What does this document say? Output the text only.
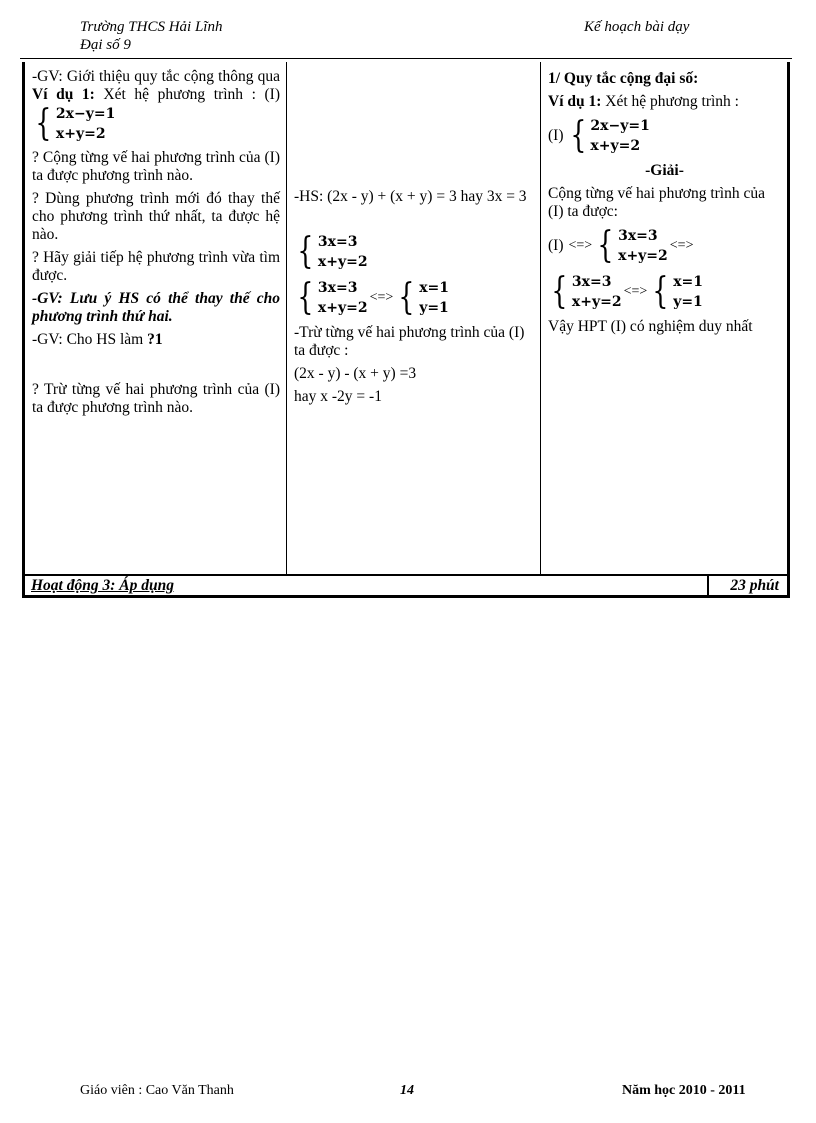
Trường THCS Hải Lĩnh
Đại số 9
Kế hoạch bài dạy
-GV: Giới thiệu quy tắc cộng thông qua Ví dụ 1: Xét hệ phương trình : (I)
{ 2x−y=1
x+y=2
? Cộng từng vế hai phương trình của (I) ta được phương trình nào.
? Dùng phương trình mới đó thay thế cho phương trình thứ nhất, ta được hệ nào.
? Hãy giải tiếp hệ phương trình vừa tìm được.
-GV: Lưu ý HS có thể thay thế cho phương trình thứ hai.
-GV: Cho HS làm ?1
? Trừ từng vế hai phương trình của (I) ta được phương trình nào.
-HS: (2x - y) + (x + y) = 3 hay 3x = 3
{ 3x=3
x+y=2
{ 3x=3
x+y=2
<=> { x=1
y=1
-Trừ từng vế hai phương trình của (I) ta được :
(2x - y) - (x + y) =3
hay x -2y = -1
1/ Quy tắc cộng đại số:
Ví dụ 1: Xét hệ phương trình :
(I) { 2x−y=1
x+y=2
-Giải-
Cộng từng vế hai phương trình của (I) ta được:
(I) <=> { 3x=3
x+y=2
<=>
{ 3x=3
x+y=2
<=> { x=1
y=1
Vậy HPT (I) có nghiệm duy nhất
Hoạt động 3: Áp dụng	23 phút
Giáo viên : Cao Văn Thanh	14	Năm học 2010 - 2011
